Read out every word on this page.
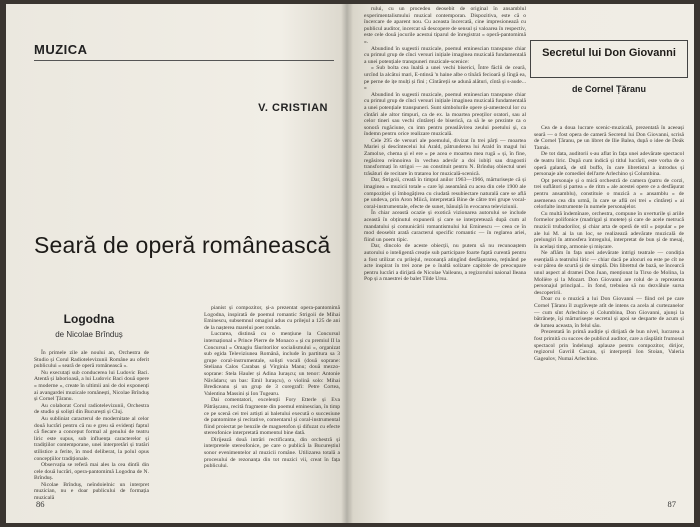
MUZICA
V. CRISTIAN
Seară de operă românească
Logodna
de Nicolae Brînduș

În primele zile ale noului an, Orchestra de Studio și Corul Radiotelevizunii Române au oferit publicului « seară de operă românească ».

Nu executați sub conducerea lui Ludovic Baci. Atentă și laborioasă, a lui Ludovic Baci două opere « moderne », create în ultimii ani de doi exponenți ai avangardei muzicale românești, Nicolae Brînduș și Cornel Țăranu.

Au colaborat Corul radiotelevizunii, Orchestra de studio și soliști din București și Cluj.

Au subliniat caracterul de modernitate al celor două lucrări pentru că nu e greu să evidenți faptul că fiecare a conceput formal al genului de teatru liric este supus, sub influența caracterelor și tradițiilor contemporane, unei interpretări și tratări stilistice a ferite, în mod deliberat, la polul opus concepțiilor tradiționale.

Observația se referă mai ales la cea dintîi din cele două lucrări, opera-pantomimă Logodna de N. Brînduș.

Nicolae Brînduș, neîndoielnic un interpret muzician, nu e doar publicului de formația muzicală

pianist și compozitor, și-a prezentat opera-pantomimă Logodna, inspirată de poemul romantic Strigoii de Mihai Eminescu, subsemnul omagiul adus cu prilejul a 125 de ani de la nașterea marelui poet român.

Lucrarea, distinsă cu o mențiune la Concursul internațional « Prince Pierre de Monaco » și cu premiul II la Concursul « Omagiu făuritorilor socialismului », organizat sub egida Televiziunea Română, include în partitura sa 3 grupe coral-instrumentale, soliști vocali (două soprane: Steliana Calos Carabas și Virginia Manu; două mezzo-soprane: Stela Hauler și Adina Iurașcu; un tenor: Antonie Năvădaru; un bas: Emil Iurașcu), o violină solo: Mihai Brediceanu și un grup de 3 coregrafi: Petre Cortea, Valentina Massini și Ion Tugearu.

Dai comentatori, excelenții Fory Etterle și Eva Pătrășcanu, recită fragmente din poemul eminescian, în timp ce pe scenă cei trei artiști ai baletului execută o succesiune de pantomime și recitative, comentarul și coral-instrumental fiind proiectat pe benzile de magnetofon și difuzat cu efecte stereofonice interpretată momentul bine dată.

Dirijează două intrări rectificanta, din orchestră și interpretele stereofonice, pe care o publică la Bucureștiul sonor evenimentelor al muzicii române. Utilizarea totală a procesului de rezonanța din tot muzici vii, creat în fața publicului.

86

rului, cu un procedeu deosebit de original în ansamblul experimentalismului muzical contemporan. Dispozitiva, este că o încercare de aparent nou. Cu aceasta încercată, cine impresionează cu publicul auditor, incercat să descopere de sensul și valoarea în respectiv, este cele două jocurile acestui tiparul de înregistrat « operă-pantomimă ».

Abundind în sugestii muzicale, poemul eminescian transpune chiar cu primul grup de cînci versuri inițiale imaginea muzicală fundamentală a unei potențiale transpuneri muzicale-scenice:

« Sub bolta cea înaltă a unei vechi biserici, Între făclii de ceară, urcînd la alcătui mari, E-ntinsă 'n haine albe o tînără fecioară și lîngă ea, pe perne de ițe mulți și fini ; Cîntăreții se adună alături, cîntă și s-aude... »

Abundind în sugestii muzicale, poemul eminescian transpune chiar cu primul grup de cînci versuri inițiale imaginea muzicală fundamentală a unei potențiale transpuneri. Sunt simbolurile opere și-amestecul lor cu cîntări ale altor timpuri, ca de ex. la moartea preoților oratori, sau al celor tineri sau vechi cîntăreți de biserică, ca să le se prezinte ca o sonoră rugăciune, cu imn pentru preaslăvirea zeului poetului și, ca îndemn pentru orice realizare muzicală.

Cele 295 de versuri ale poemului, divizat în trei părți — moartea Mariei și descîntecelui lui Arald, pătrunderea lui Arald în magul lui Zamolxe, chema și el ere « pe acea e moartea mea rugă » și, în fine, regăsirea reînnoirea în vechea adevăr a doi iubiți sau dragostii transformați în strigoi — au constituit pentru N. Brînduș obiectul unei trăsături de recitare în tratarea lor muzicală-scenică.

Dar, Strigoii, creată în timpul anilor 1963—1966, mărturisește că și imaginea « muzicii totale » care își aseamănă cu acea din cele 1900 ale compoziției și îmbogățirea cu ciudată resubiectare naturală care se află pe undeva, prin Aron Miică, interpretată Bine de către trei grupe vocal-coral-instrumentale, efecte de sunet, bănuiță în evocarea televiziunii.

În chiar această ocazie și exotică vizionarea autorului se include această în obținutul expunerii și care se interpretează după cum al mandatului și comunicării romantismului lui Eminescu — ceea ce în mod deosebit arată caracterul specific romantic — în reglarea ariei, fiind un poem tipic.

Dar, dincolo de aceste obiecții, nu putem să nu recunoaștem autorului o inteligentă creație sub participare foarte faptă curentă pentru a fost utilizat cu prilejul, rezonanță atingînd desfășurarea, reținând pe acte inspirat în trei zone pe o înaltă solizare capitole de preocupare pentru lucrări a dirijată de Nicolae Vaileanu, a regizorului naional Ileana Pop și a maestrei de balet Tilde Ursu.

Secretul lui Don Giovanni
de Cornel Țăranu

Cea de a doua lucrare scenic-muzicală, prezentată în aceeași seară — o fost opera de cameră Secretul lui Don Giovanni, scrisă de Cornel Țăranu, pe un libret de Ilie Balea, după o idee de Deák Tamás.

De tot data, auditorii s-au aflat în fața unei adevărate spectacol de teatru liric. După cum indică și titlul lucrării, este vorba de o operă galantă, de stil buffo, în care libretistul a introdus și personaje ale comediei dell'arte Arlechino și Columbina.

Opt personaje și o mică orchestră de camera (patru de corzi, trei suflători și partea « de ritm » ale acestei opere ce a desfășurat pentru ansamblu), constituie o muzică a « ansamblu » de asemenea cea din urmă, în care se află cei trei « cîntăreți » ai celorlalte instrumente în numele personajelor.

Cu multă îndemînare, orchestra, compune în uverturile și ariile formelor polifonice (madrigal și motete) și care de acele metrucă muzicii trubadorilor, și chiar arta de operă de stil » popular » pe ale lui M. ai la un loc, se realizează adevărate muzicală de prelungiri în atmosfera întregului, interpretat de bun și de mesaj, în același timp, armonie și mișcare.

Ne aflăm în fața unei adevărate intrigi teatrale — condiția esențială a teatrului liric — chiar dacă pe alocuri ea este pe cît ne s-ar părea de scurtă și de simplă. Din librettul de bază, se încearcă unul aspect al dramei Don Juan, menționat la Tirso de Molina, la Molière și la Mozart. Don Giovanni are rolul de a reprezenta personajul principal... în fond, trebuiea să nu dezvăluie sursa descoperirii.

Doar cu o muzică a lui Don Giovanni — fiind cel pe care Cornel Țăranu îl zugrăvește atît de intens ca acela al curtezanelor — cum sînt Arlechino și Columbina, Don Giovanni, ajunși la bătrânețe, își mărturisește secretul și apoi se desparte de acum și de lumea aceasta, în felul său.

Prezentată în primă audiție și dirijată de bun nivel, lucrarea a fost primită cu succes de publicul auditor, care a răsplătit frumosul spectacol prin îndelungi aplauze pentru compozitor, dirijor, regizorul Gavriil Cascan, și interpreții Ion Stoian, Valeria Gagealov, Numai Arlechino.

87
